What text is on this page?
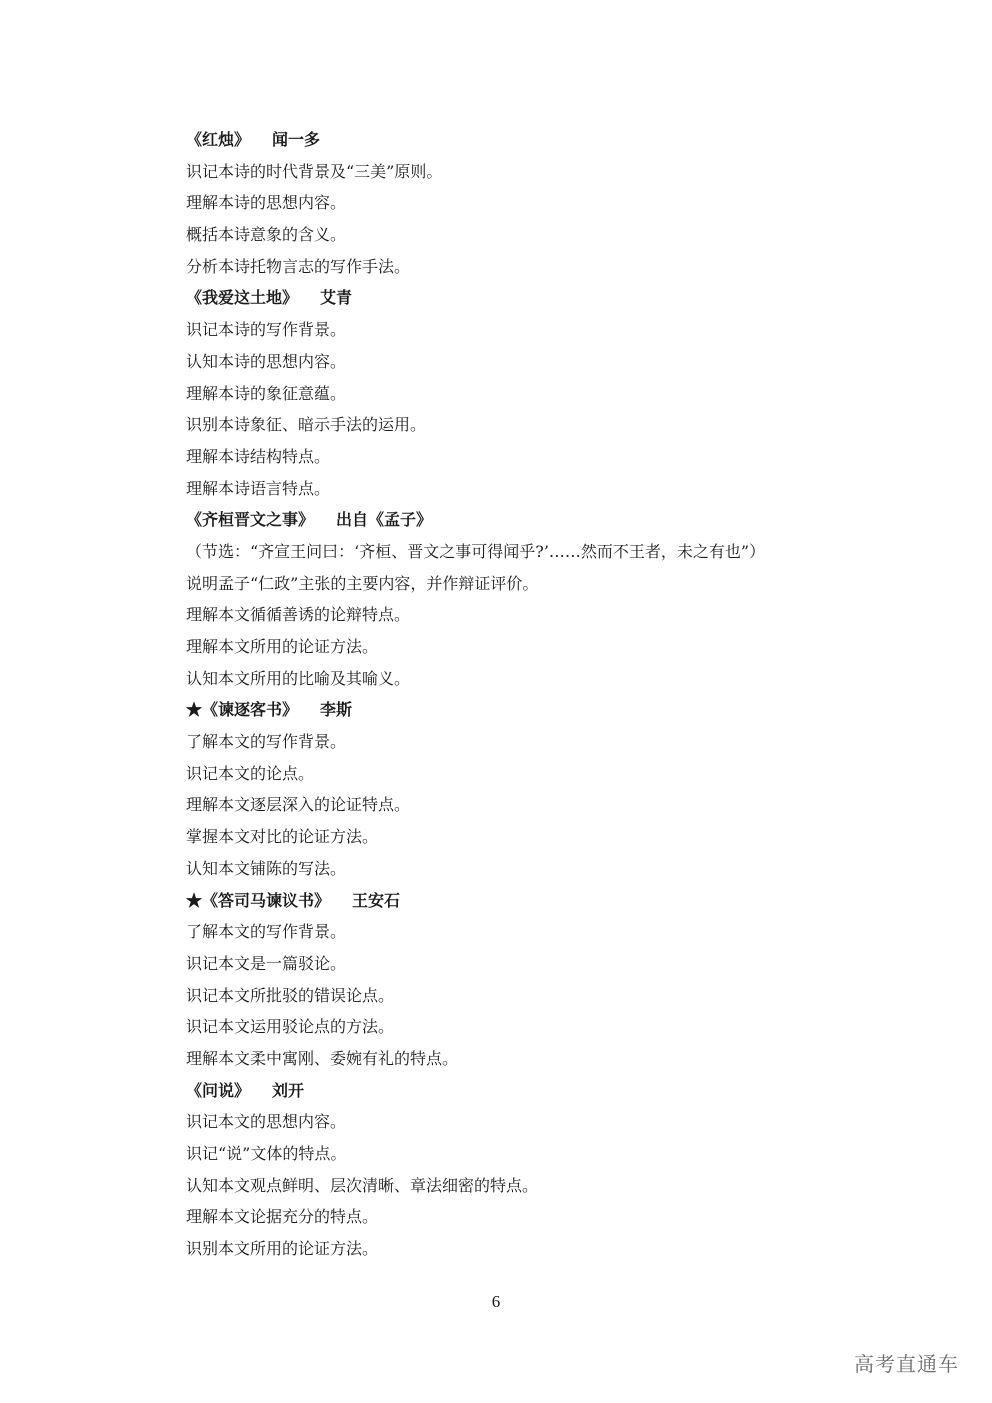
《红烛》 闻一多
识记本诗的时代背景及“三美”原则。
理解本诗的思想内容。
概括本诗意象的含义。
分析本诗托物言志的写作手法。
《我爱这土地》 艾青
识记本诗的写作背景。
认知本诗的思想内容。
理解本诗的象征意蕴。
识别本诗象征、暗示手法的运用。
理解本诗结构特点。
理解本诗语言特点。
《齐桓晋文之事》 出自《孟子》
（节选：“齐宣王问曰：‘齐桓、晋文之事可得闻乎?’……然而不王者，未之有也”）
说明孟子“仁政”主张的主要内容，并作辩证评价。
理解本文循循善诱的论辩特点。
理解本文所用的论证方法。
认知本文所用的比喻及其喻义。
★《谏逐客书》 李斯
了解本文的写作背景。
识记本文的论点。
理解本文逐层深入的论证特点。
掌握本文对比的论证方法。
认知本文铺陈的写法。
★《答司马谏议书》 王安石
了解本文的写作背景。
识记本文是一篇驳论。
识记本文所批驳的错误论点。
识记本文运用驳论点的方法。
理解本文柔中寓刚、委婉有礼的特点。
《问说》 刘开
识记本文的思想内容。
识记“说”文体的特点。
认知本文观点鲜明、层次清晰、章法细密的特点。
理解本文论据充分的特点。
识别本文所用的论证方法。
6
高考直通车
